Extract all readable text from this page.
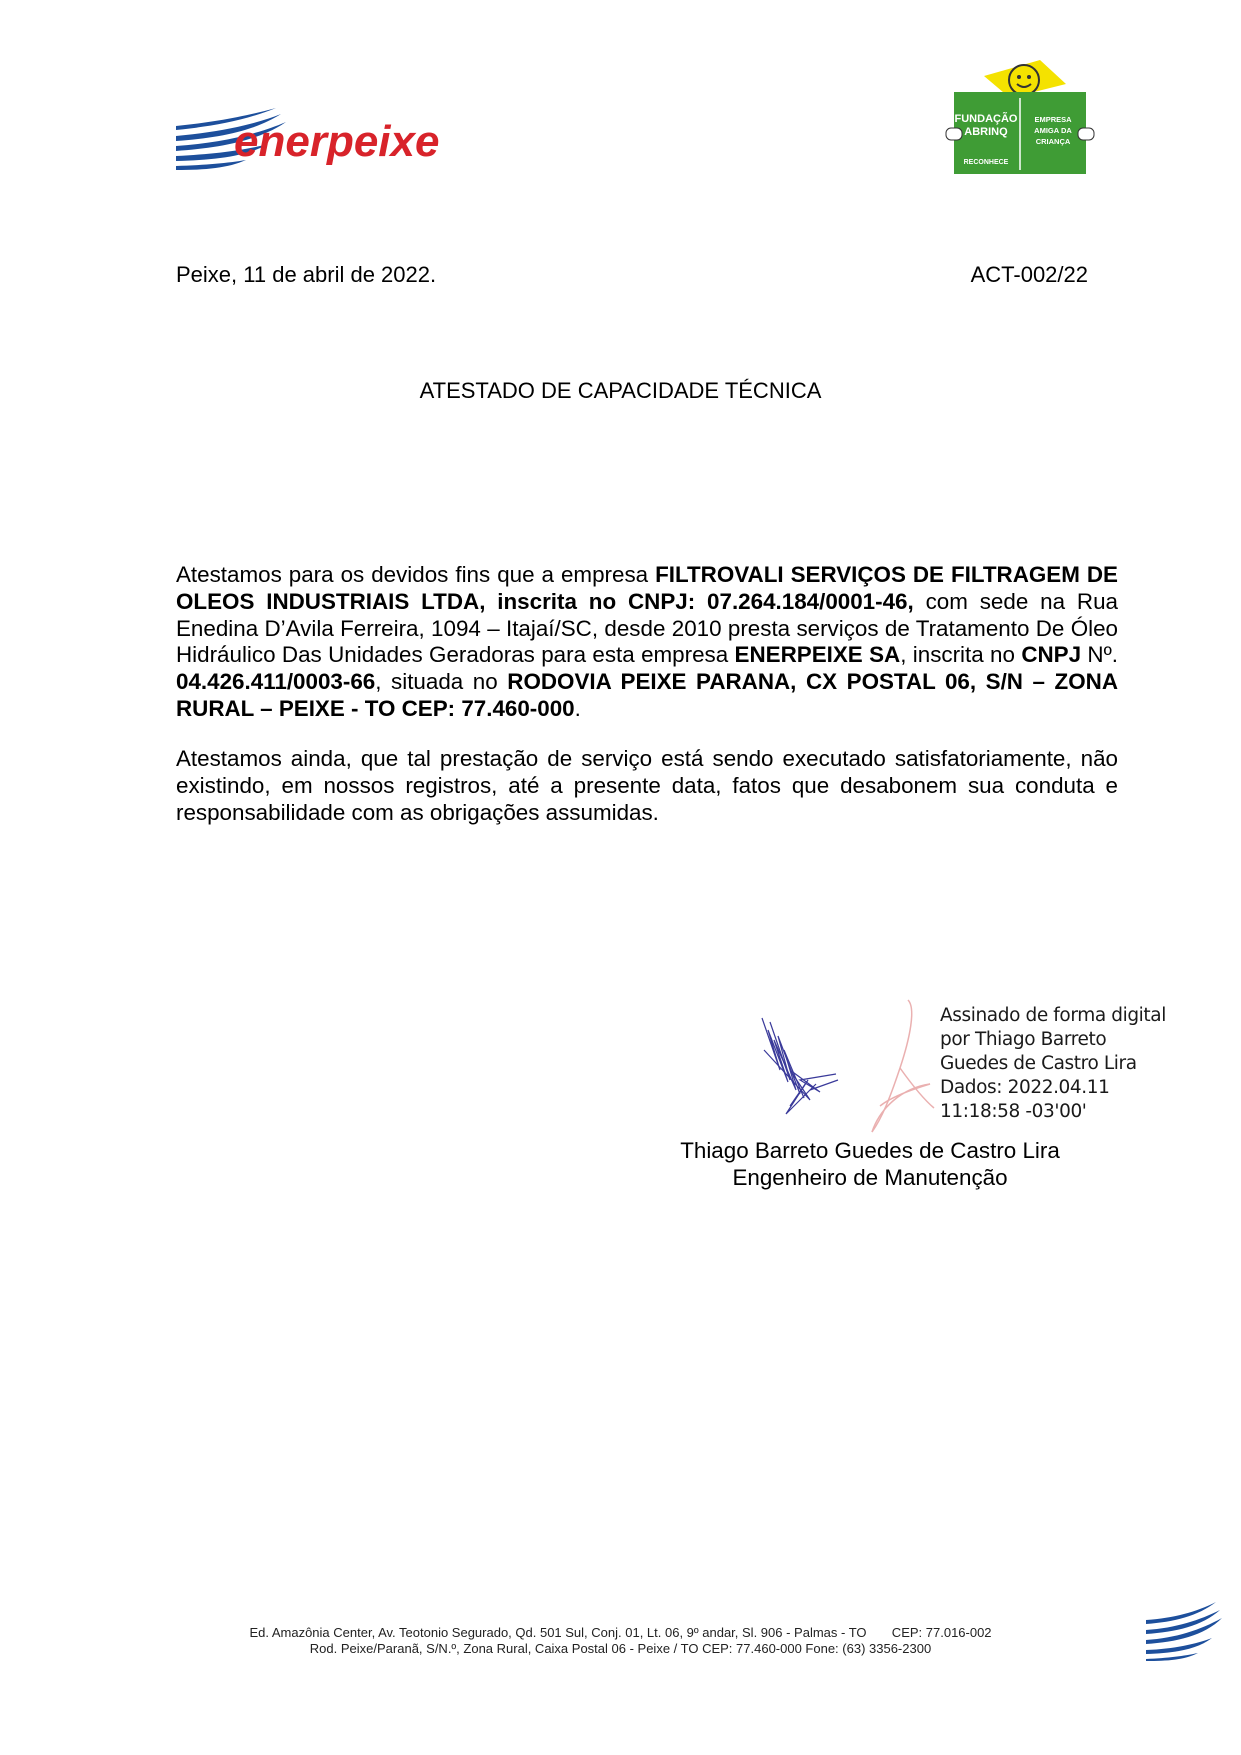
enerpeixe	FUNDAÇÃO
ABRINQ
RECONHECE
EMPRESA
AMIGA DA
CRIANÇA
Peixe, 11 de abril de 2022.	ACT-002/22
ATESTADO DE CAPACIDADE TÉCNICA
Atestamos para os devidos fins que a empresa FILTROVALI SERVIÇOS DE FILTRAGEM DE OLEOS INDUSTRIAIS LTDA, inscrita no CNPJ: 07.264.184/0001-46, com sede na Rua Enedina D’Avila Ferreira, 1094 – Itajaí/SC, desde 2010 presta serviços de Tratamento De Óleo Hidráulico Das Unidades Geradoras para esta empresa ENERPEIXE SA, inscrita no CNPJ Nº. 04.426.411/0003-66, situada no RODOVIA PEIXE PARANA, CX POSTAL 06, S/N – ZONA RURAL – PEIXE - TO CEP: 77.460-000.
Atestamos ainda, que tal prestação de serviço está sendo executado satisfatoriamente, não existindo, em nossos registros, até a presente data, fatos que desabonem sua conduta e responsabilidade com as obrigações assumidas.
Assinado de forma digital
por Thiago Barreto
Guedes de Castro Lira
Dados: 2022.04.11
11:18:58 -03'00'
Thiago Barreto Guedes de Castro Lira
Engenheiro de Manutenção
Ed. Amazônia Center, Av. Teotonio Segurado, Qd. 501 Sul, Conj. 01, Lt. 06, 9º andar, Sl. 906 - Palmas - TO       CEP: 77.016-002
Rod. Peixe/Paranã, S/N.º, Zona Rural, Caixa Postal 06 - Peixe / TO CEP: 77.460-000 Fone: (63) 3356-2300
